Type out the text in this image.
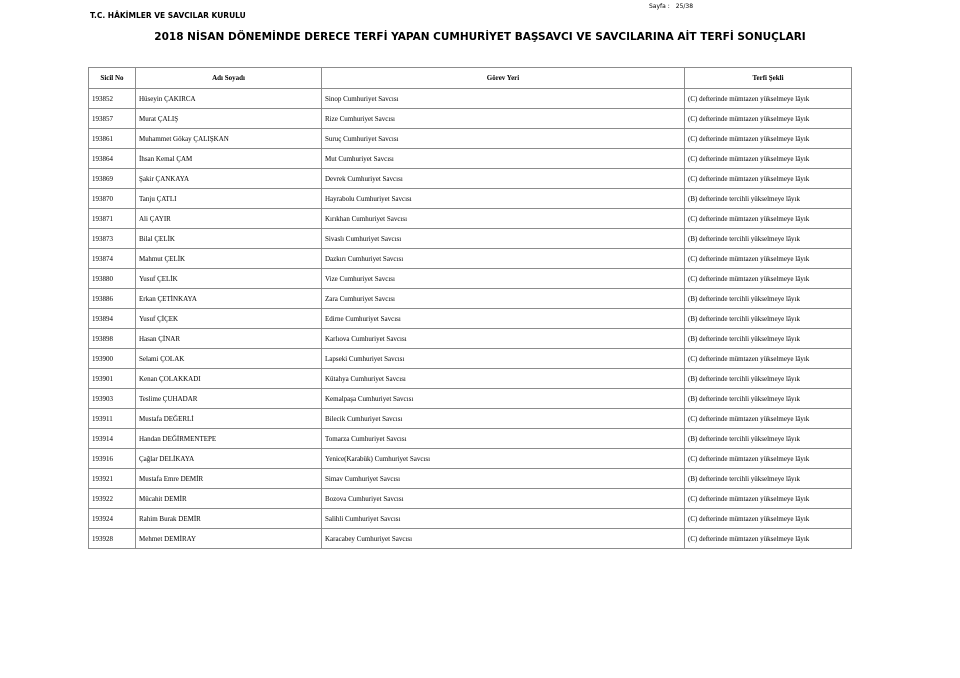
Sayfa : 25/38
T.C. HÂKİMLER VE SAVCILAR KURULU
2018 NİSAN DÖNEMİNDE DERECE TERFİ YAPAN CUMHURİYET BAŞSAVCI VE SAVCILARINA AİT TERFİ SONUÇLARI
Sicil No	Adı Soyadı	Görev Yeri	Terfi Şekli
193852	Hüseyin ÇAKIRCA	Sinop Cumhuriyet Savcısı	(C) defterinde mümtazen yükselmeye lâyık
193857	Murat ÇALIŞ	Rize Cumhuriyet Savcısı	(C) defterinde mümtazen yükselmeye lâyık
193861	Muhammet Gökay ÇALIŞKAN	Suruç Cumhuriyet Savcısı	(C) defterinde mümtazen yükselmeye lâyık
193864	İhsan Kemal ÇAM	Mut Cumhuriyet Savcısı	(C) defterinde mümtazen yükselmeye lâyık
193869	Şakir ÇANKAYA	Devrek Cumhuriyet Savcısı	(C) defterinde mümtazen yükselmeye lâyık
193870	Tanju ÇATLI	Hayrabolu Cumhuriyet Savcısı	(B) defterinde tercihli yükselmeye lâyık
193871	Ali ÇAYIR	Kırıkhan Cumhuriyet Savcısı	(C) defterinde mümtazen yükselmeye lâyık
193873	Bilal ÇELİK	Sivaslı Cumhuriyet Savcısı	(B) defterinde tercihli yükselmeye lâyık
193874	Mahmut ÇELİK	Dazkırı Cumhuriyet Savcısı	(C) defterinde mümtazen yükselmeye lâyık
193880	Yusuf ÇELİK	Vize Cumhuriyet Savcısı	(C) defterinde mümtazen yükselmeye lâyık
193886	Erkan ÇETİNKAYA	Zara Cumhuriyet Savcısı	(B) defterinde tercihli yükselmeye lâyık
193894	Yusuf ÇİÇEK	Edirne Cumhuriyet Savcısı	(B) defterinde tercihli yükselmeye lâyık
193898	Hasan ÇİNAR	Karlıova Cumhuriyet Savcısı	(B) defterinde tercihli yükselmeye lâyık
193900	Selami ÇOLAK	Lapseki Cumhuriyet Savcısı	(C) defterinde mümtazen yükselmeye lâyık
193901	Kenan ÇOLAKKADI	Kütahya Cumhuriyet Savcısı	(B) defterinde tercihli yükselmeye lâyık
193903	Teslime ÇUHADAR	Kemalpaşa Cumhuriyet Savcısı	(B) defterinde tercihli yükselmeye lâyık
193911	Mustafa DEĞERLİ	Bilecik Cumhuriyet Savcısı	(C) defterinde mümtazen yükselmeye lâyık
193914	Handan DEĞİRMENTEPE	Tomarza Cumhuriyet Savcısı	(B) defterinde tercihli yükselmeye lâyık
193916	Çağlar DELİKAYA	Yenice(Karabük) Cumhuriyet Savcısı	(C) defterinde mümtazen yükselmeye lâyık
193921	Mustafa Emre DEMİR	Simav Cumhuriyet Savcısı	(B) defterinde tercihli yükselmeye lâyık
193922	Mücahit DEMİR	Bozova Cumhuriyet Savcısı	(C) defterinde mümtazen yükselmeye lâyık
193924	Rahim Burak DEMİR	Salihli Cumhuriyet Savcısı	(C) defterinde mümtazen yükselmeye lâyık
193928	Mehmet DEMİRAY	Karacabey Cumhuriyet Savcısı	(C) defterinde mümtazen yükselmeye lâyık
